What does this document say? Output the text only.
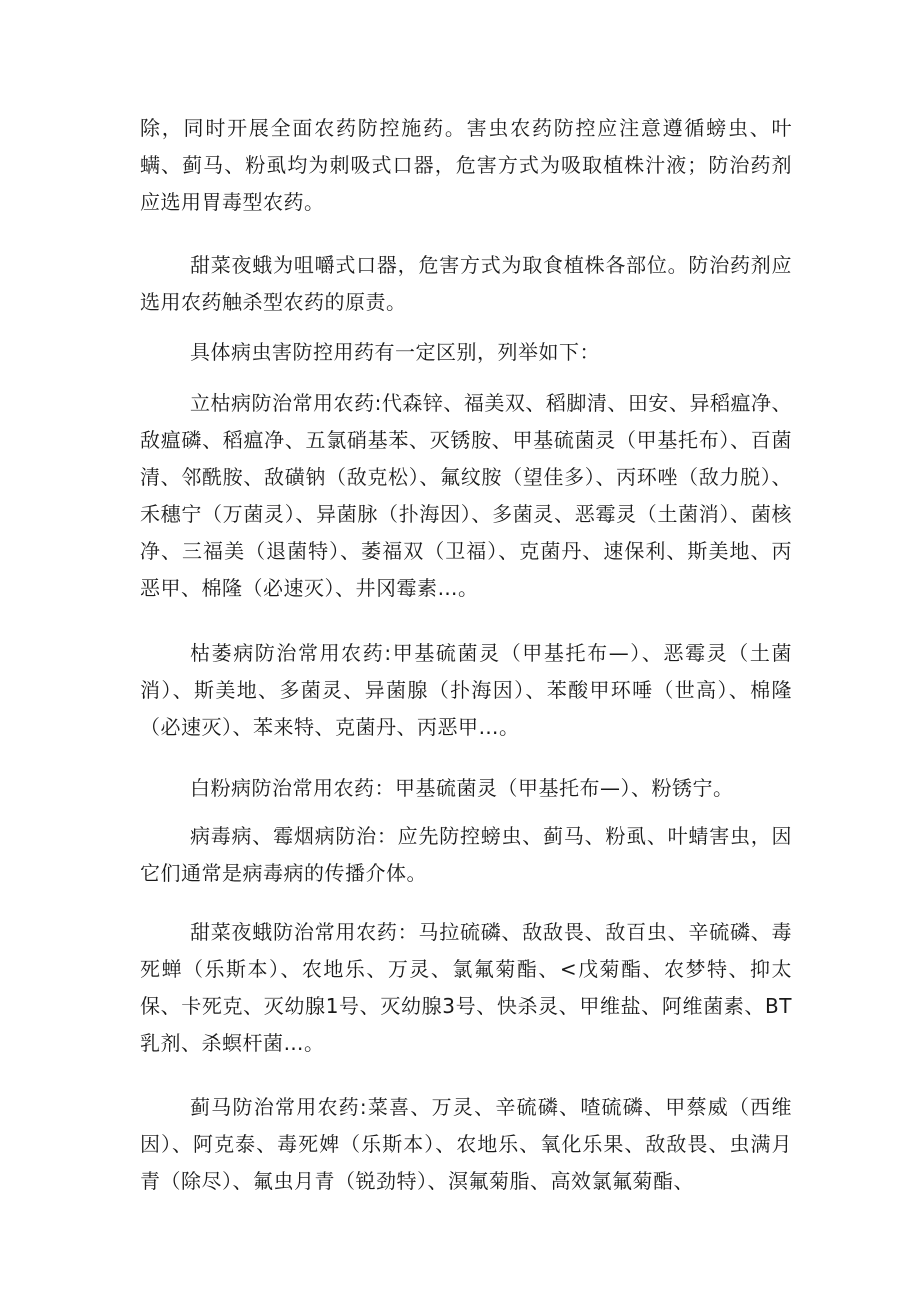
除，同时开展全面农药防控施药。害虫农药防控应注意遵循螃虫、叶螨、蓟马、粉虱均为刺吸式口器，危害方式为吸取植株汁液；防治药剂应选用胃毒型农药。

甜菜夜蛾为咀嚼式口器，危害方式为取食植株各部位。防治药剂应选用农药触杀型农药的原责。

具体病虫害防控用药有一定区别，列举如下：

立枯病防治常用农药:代森锌、福美双、稻脚清、田安、异稻瘟净、敌瘟磷、稻瘟净、五氯硝基苯、灭锈胺、甲基硫菌灵（甲基托布）、百菌清、邻酰胺、敌磺钠（敌克松）、氟纹胺（望佳多）、丙环唑（敌力脱）、禾穗宁（万菌灵）、异菌脉（扑海因）、多菌灵、恶霉灵（土菌消）、菌核净、三福美（退菌特）、萎福双（卫福）、克菌丹、速保利、斯美地、丙恶甲、棉隆（必速灭）、井冈霉素…。

枯萎病防治常用农药:甲基硫菌灵（甲基托布—）、恶霉灵（土菌消）、斯美地、多菌灵、异菌腺（扑海因）、苯酸甲环唾（世高）、棉隆（必速灭）、苯来特、克菌丹、丙恶甲…。

白粉病防治常用农药：甲基硫菌灵（甲基托布—）、粉锈宁。

病毒病、霉烟病防治：应先防控螃虫、蓟马、粉虱、叶蜻害虫，因它们通常是病毒病的传播介体。

甜菜夜蛾防治常用农药：马拉硫磷、敌敌畏、敌百虫、辛硫磷、毒死蝉（乐斯本）、农地乐、万灵、氯氟菊酯、<戊菊酯、农梦特、抑太保、卡死克、灭幼腺1号、灭幼腺3号、快杀灵、甲维盐、阿维菌素、BT乳剂、杀螟杆菌…。

蓟马防治常用农药:菜喜、万灵、辛硫磷、喳硫磷、甲蔡威（西维因）、阿克泰、毒死婢（乐斯本）、农地乐、氧化乐果、敌敌畏、虫满月青（除尽）、氟虫月青（锐劲特）、溟氟菊脂、高效氯氟菊酯、
